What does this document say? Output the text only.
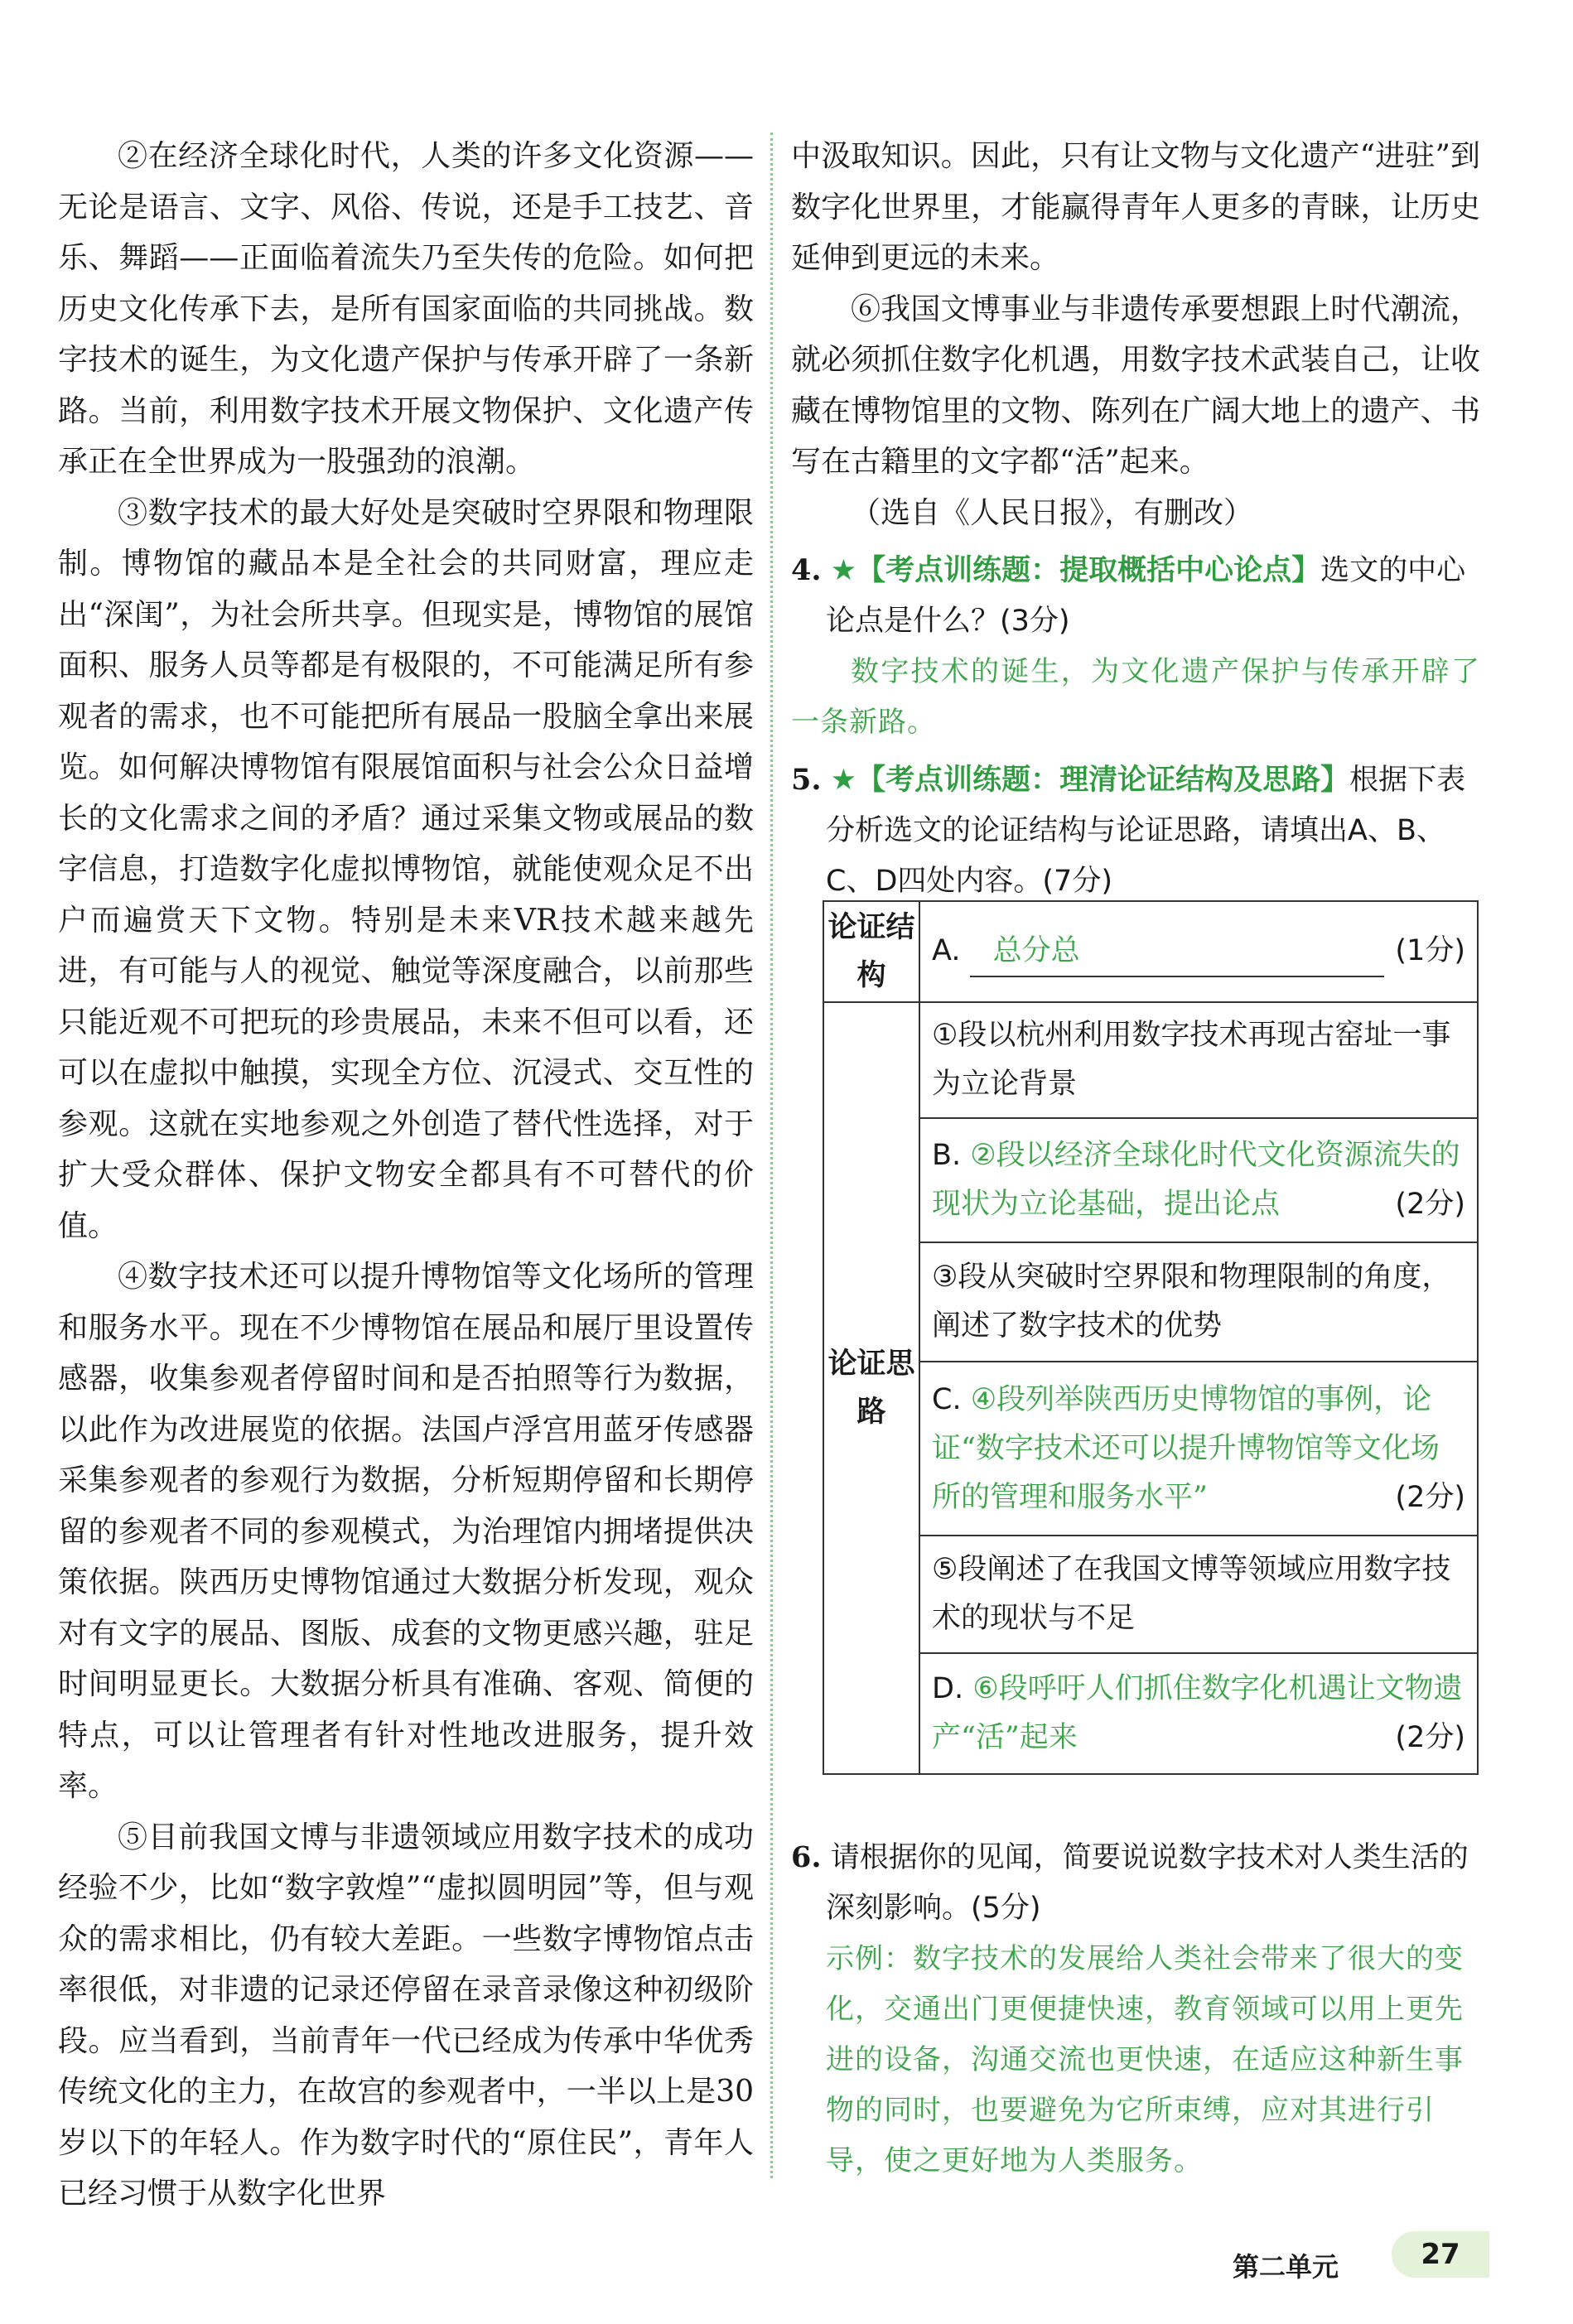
②在经济全球化时代，人类的许多文化资源——无论是语言、文字、风俗、传说，还是手工技艺、音乐、舞蹈——正面临着流失乃至失传的危险。如何把历史文化传承下去，是所有国家面临的共同挑战。数字技术的诞生，为文化遗产保护与传承开辟了一条新路。当前，利用数字技术开展文物保护、文化遗产传承正在全世界成为一股强劲的浪潮。

③数字技术的最大好处是突破时空界限和物理限制。博物馆的藏品本是全社会的共同财富，理应走出“深闺”，为社会所共享。但现实是，博物馆的展馆面积、服务人员等都是有极限的，不可能满足所有参观者的需求，也不可能把所有展品一股脑全拿出来展览。如何解决博物馆有限展馆面积与社会公众日益增长的文化需求之间的矛盾？通过采集文物或展品的数字信息，打造数字化虚拟博物馆，就能使观众足不出户而遍赏天下文物。特别是未来VR技术越来越先进，有可能与人的视觉、触觉等深度融合，以前那些只能近观不可把玩的珍贵展品，未来不但可以看，还可以在虚拟中触摸，实现全方位、沉浸式、交互性的参观。这就在实地参观之外创造了替代性选择，对于扩大受众群体、保护文物安全都具有不可替代的价值。

④数字技术还可以提升博物馆等文化场所的管理和服务水平。现在不少博物馆在展品和展厅里设置传感器，收集参观者停留时间和是否拍照等行为数据，以此作为改进展览的依据。法国卢浮宫用蓝牙传感器采集参观者的参观行为数据，分析短期停留和长期停留的参观者不同的参观模式，为治理馆内拥堵提供决策依据。陕西历史博物馆通过大数据分析发现，观众对有文字的展品、图版、成套的文物更感兴趣，驻足时间明显更长。大数据分析具有准确、客观、简便的特点，可以让管理者有针对性地改进服务，提升效率。

⑤目前我国文博与非遗领域应用数字技术的成功经验不少，比如“数字敦煌”“虚拟圆明园”等，但与观众的需求相比，仍有较大差距。一些数字博物馆点击率很低，对非遗的记录还停留在录音录像这种初级阶段。应当看到，当前青年一代已经成为传承中华优秀传统文化的主力，在故宫的参观者中，一半以上是30岁以下的年轻人。作为数字时代的“原住民”，青年人已经习惯于从数字化世界

中汲取知识。因此，只有让文物与文化遗产“进驻”到数字化世界里，才能赢得青年人更多的青睐，让历史延伸到更远的未来。

⑥我国文博事业与非遗传承要想跟上时代潮流，就必须抓住数字化机遇，用数字技术武装自己，让收藏在博物馆里的文物、陈列在广阔大地上的遗产、书写在古籍里的文字都“活”起来。

（选自《人民日报》，有删改）

4. ★【考点训练题：提取概括中心论点】选文的中心论点是什么？(3分)

数字技术的诞生，为文化遗产保护与传承开辟了一条新路。

5. ★【考点训练题：理清论证结构及思路】根据下表分析选文的论证结构与论证思路，请填出A、B、C、D四处内容。(7分)
论证结构	A. 总分总 (1分)

论证思路	①段以杭州利用数字技术再现古窑址一事为立论背景
	B. ②段以经济全球化时代文化资源流失的现状为立论基础，提出论点 (2分)

	③段从突破时空界限和物理限制的角度，阐述了数字技术的优势
	C. ④段列举陕西历史博物馆的事例，论证“数字技术还可以提升博物馆等文化场所的管理和服务水平” (2分)

	⑤段阐述了在我国文博等领域应用数字技术的现状与不足
	D. ⑥段呼吁人们抓住数字化机遇让文物遗产“活”起来 (2分)
6. 请根据你的见闻，简要说说数字技术对人类生活的深刻影响。(5分)

示例：数字技术的发展给人类社会带来了很大的变化，交通出门更便捷快速，教育领域可以用上更先进的设备，沟通交流也更快速，在适应这种新生事物的同时，也要避免为它所束缚，应对其进行引导，使之更好地为人类服务。

第二单元	27
